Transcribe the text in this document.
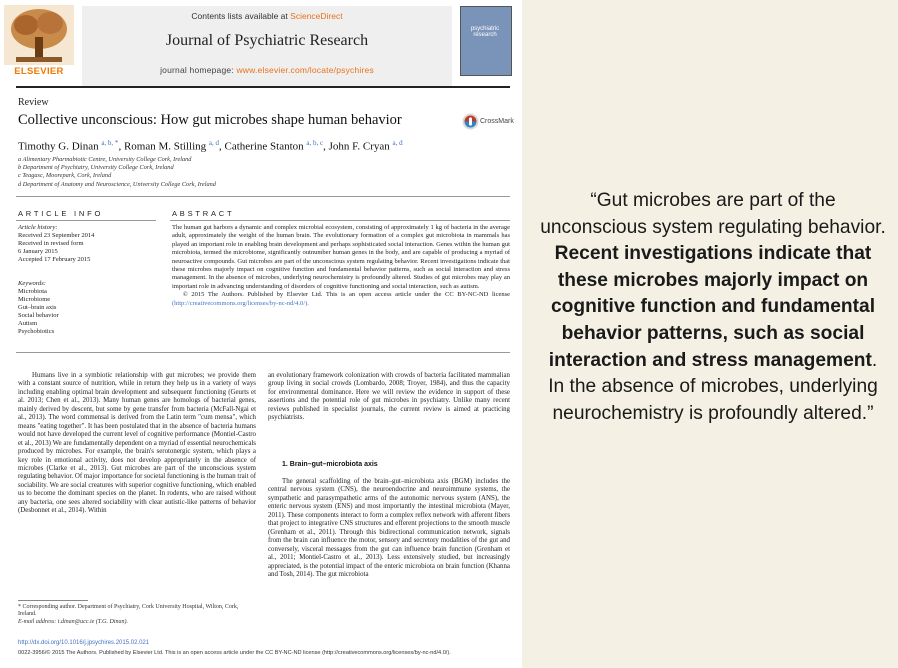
ELSEVIER
Contents lists available at ScienceDirect
Journal of Psychiatric Research
journal homepage: www.elsevier.com/locate/psychires
psychiatric research
Review
Collective unconscious: How gut microbes shape human behavior	CrossMark
Timothy G. Dinan $^{a, b, *}$, Roman M. Stilling $^{a, d}$, Catherine Stanton $^{a, b, c}$, John F. Cryan $^{a, d}$
a Alimentary Pharmabiotic Centre, University College Cork, Ireland
b Department of Psychiatry, University College Cork, Ireland
c Teagasc, Moorepark, Cork, Ireland
d Department of Anatomy and Neuroscience, University College Cork, Ireland
ARTICLE INFO	ABSTRACT
Article history:
Received 23 September 2014
Received in revised form
6 January 2015
Accepted 17 February 2015
Keywords:
Microbiota
Microbiome
Gut–brain axis
Social behavior
Autism
Psychobiotics
The human gut harbors a dynamic and complex microbial ecosystem, consisting of approximately 1 kg of bacteria in the average adult, approximately the weight of the human brain. The evolutionary formation of a complex gut microbiota in mammals has played an important role in enabling brain development and perhaps sophisticated social interaction. Genes within the human gut microbiota, termed the microbiome, significantly outnumber human genes in the body, and are capable of producing a myriad of neuroactive compounds. Gut microbes are part of the unconscious system regulating behavior. Recent investigations indicate that these microbes majorly impact on cognitive function and fundamental behavior patterns, such as social interaction and stress management. In the absence of microbes, underlying neurochemistry is profoundly altered. Studies of gut microbes may play an important role in advancing understanding of disorders of cognitive functioning and social interaction, such as autism.
© 2015 The Authors. Published by Elsevier Ltd. This is an open access article under the CC BY-NC-ND license (http://creativecommons.org/licenses/by-nc-nd/4.0/).
Humans live in a symbiotic relationship with gut microbes; we provide them with a constant source of nutrition, while in return they help us in a variety of ways including enabling optimal brain development and subsequent functioning (Geurts et al. 2013; Chen et al., 2013). Many human genes are homologs of bacterial genes, mainly derived by descent, but some by gene transfer from bacteria (McFall-Ngai et al., 2013). The word commensal is derived from the Latin term "cum mensa", which means "eating together". It has been postulated that in the absence of bacteria humans would not have developed the current level of cognitive performance (Montiel-Castro et al., 2013) We are fundamentally dependent on a myriad of essential neurochemicals produced by microbes. For example, the brain's serotonergic system, which plays a key role in emotional activity, does not develop appropriately in the absence of microbes (Clarke et al., 2013). Gut microbes are part of the unconscious system regulating behavior. Of major importance for societal functioning is the human trait of sociability. We are social creatures with superior cognitive functioning, which enabled us to become the dominant species on the planet. In rodents, who are raised without any bacteria, one sees altered sociability with clear autistic-like patterns of behavior (Desbonnet et al., 2014). Within
an evolutionary framework colonization with crowds of bacteria facilitated mammalian group living in social crowds (Lombardo, 2008; Troyer, 1984), and thus the capacity for environmental dominance. Here we will review the evidence in support of these assertions and the potential role of gut microbes in psychiatry. Unlike many recent reviews published in specialist journals, the current review is aimed at practicing psychiatrists.
1. Brain–gut–microbiota axis
The general scaffolding of the brain–gut–microbiota axis (BGM) includes the central nervous system (CNS), the neuroendocrine and neuroimmune systems, the sympathetic and parasympathetic arms of the autonomic nervous system (ANS), the enteric nervous system (ENS) and most importantly the intestinal microbiota (Mayer, 2011). These components interact to form a complex reflex network with afferent fibers that project to integrative CNS structures and efferent projections to the smooth muscle (Grenham et al., 2011). Through this bidirectional communication network, signals from the brain can influence the motor, sensory and secretory modalities of the gut and conversely, visceral messages from the gut can influence brain function (Grenham et al., 2011; Montiel-Castro et al., 2013). Less extensively studied, but increasingly appreciated, is the potential impact of the enteric microbiota on brain function (Khanna and Tosh, 2014). The gut microbiota
* Corresponding author. Department of Psychiatry, Cork University Hospital, Wilton, Cork, Ireland.
E-mail address: t.dinan@ucc.ie (T.G. Dinan).
http://dx.doi.org/10.1016/j.jpsychires.2015.02.021
0022-3956/© 2015 The Authors. Published by Elsevier Ltd. This is an open access article under the CC BY-NC-ND license (http://creativecommons.org/licenses/by-nc-nd/4.0/).
“Gut microbes are part of the unconscious system regulating behavior. Recent investigations indicate that these microbes majorly impact on cognitive function and fundamental behavior patterns, such as social interaction and stress management. In the absence of microbes, underlying neurochemistry is profoundly altered.”
